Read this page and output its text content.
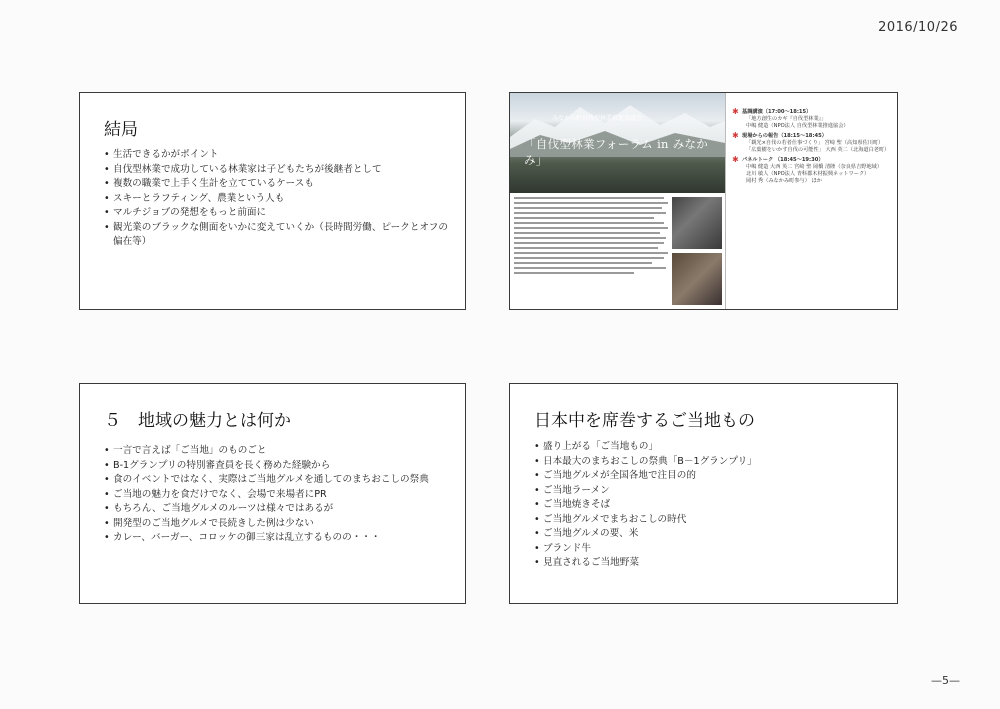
2016/10/26
結局
• 生活できるかがポイント
• 自伐型林業で成功している林業家は子どもたちが後継者として
• 複数の職業で上手く生計を立てているケースも
• スキーとラフティング、農業という人も
• マルチジョブの発想をもっと前面に
• 観光業のブラックな側面をいかに変えていくか（長時間労働、ピークとオフの偏在等）
みなかみ町自伐型林業推進協議会
「自伐型林業フォーラム in みなかみ」
✱ 基調講演（17:00〜18:15）
「地方創生のカギ『自伐型林業』」
中嶋 健造（NPO法人 自伐型林業推進協会）
✱ 現場からの報告（18:15〜18:45）
「観光×自伐の若者仕事づくり」 宮崎 聖（高知県佐川町）
「広葉樹をいかす自伐の可能性」 大西 英二（北海道白老町）
✱ パネルトーク （18:45〜19:30）
中嶋 健造 大西 英二 宮崎 聖 岡橋 清隆（奈良県吉野地域）
北川 敏人（NPO法人 青科郡木材振興ネットワーク）
岡村 秀（みなかみ町参与） ほか
５　地域の魅力とは何か
• 一言で言えば「ご当地」のものごと
• B-1グランプリの特別審査員を長く務めた経験から
• 食のイベントではなく、実際はご当地グルメを通してのまちおこしの祭典
• ご当地の魅力を食だけでなく、会場で来場者にPR
• もちろん、ご当地グルメのルーツは様々ではあるが
• 開発型のご当地グルメで長続きした例は少ない
• カレー、バーガー、コロッケの御三家は乱立するものの・・・
日本中を席巻するご当地もの
• 盛り上がる「ご当地もの」
• 日本最大のまちおこしの祭典「B－1グランプリ」
• ご当地グルメが全国各地で注目の的
• ご当地ラーメン
• ご当地焼きそば
• ご当地グルメでまちおこしの時代
• ご当地グルメの要、米
• ブランド牛
• 見直されるご当地野菜
—5—
